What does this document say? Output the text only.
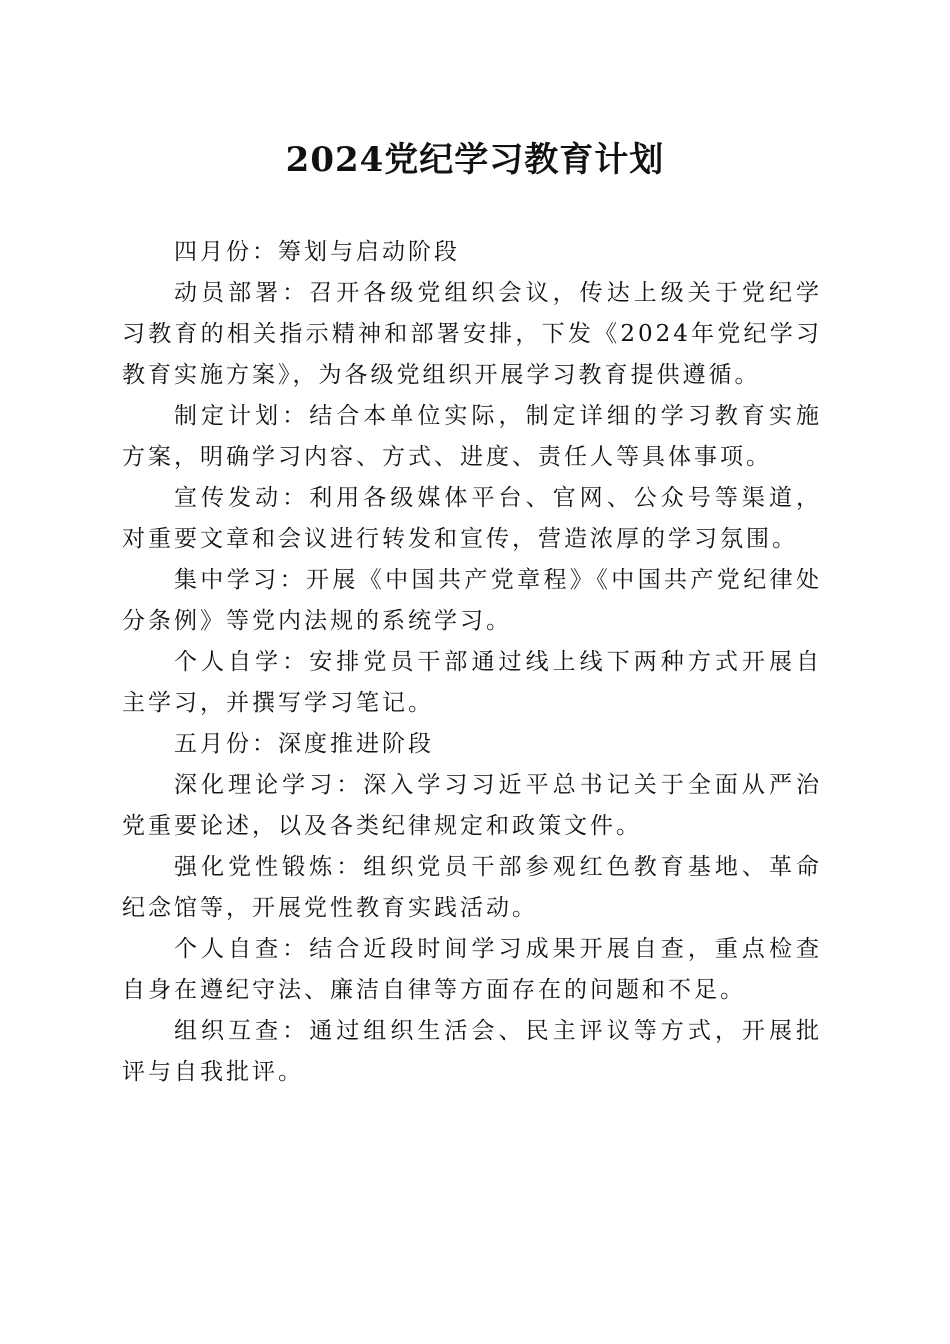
2024党纪学习教育计划

四月份：筹划与启动阶段

动员部署：召开各级党组织会议，传达上级关于党纪学习教育的相关指示精神和部署安排，下发《2024年党纪学习教育实施方案》，为各级党组织开展学习教育提供遵循。

制定计划：结合本单位实际，制定详细的学习教育实施方案，明确学习内容、方式、进度、责任人等具体事项。

宣传发动：利用各级媒体平台、官网、公众号等渠道，对重要文章和会议进行转发和宣传，营造浓厚的学习氛围。

集中学习：开展《中国共产党章程》《中国共产党纪律处分条例》等党内法规的系统学习。

个人自学：安排党员干部通过线上线下两种方式开展自主学习，并撰写学习笔记。

五月份：深度推进阶段

深化理论学习：深入学习习近平总书记关于全面从严治党重要论述，以及各类纪律规定和政策文件。

强化党性锻炼：组织党员干部参观红色教育基地、革命纪念馆等，开展党性教育实践活动。

个人自查：结合近段时间学习成果开展自查，重点检查自身在遵纪守法、廉洁自律等方面存在的问题和不足。

组织互查：通过组织生活会、民主评议等方式，开展批评与自我批评。
